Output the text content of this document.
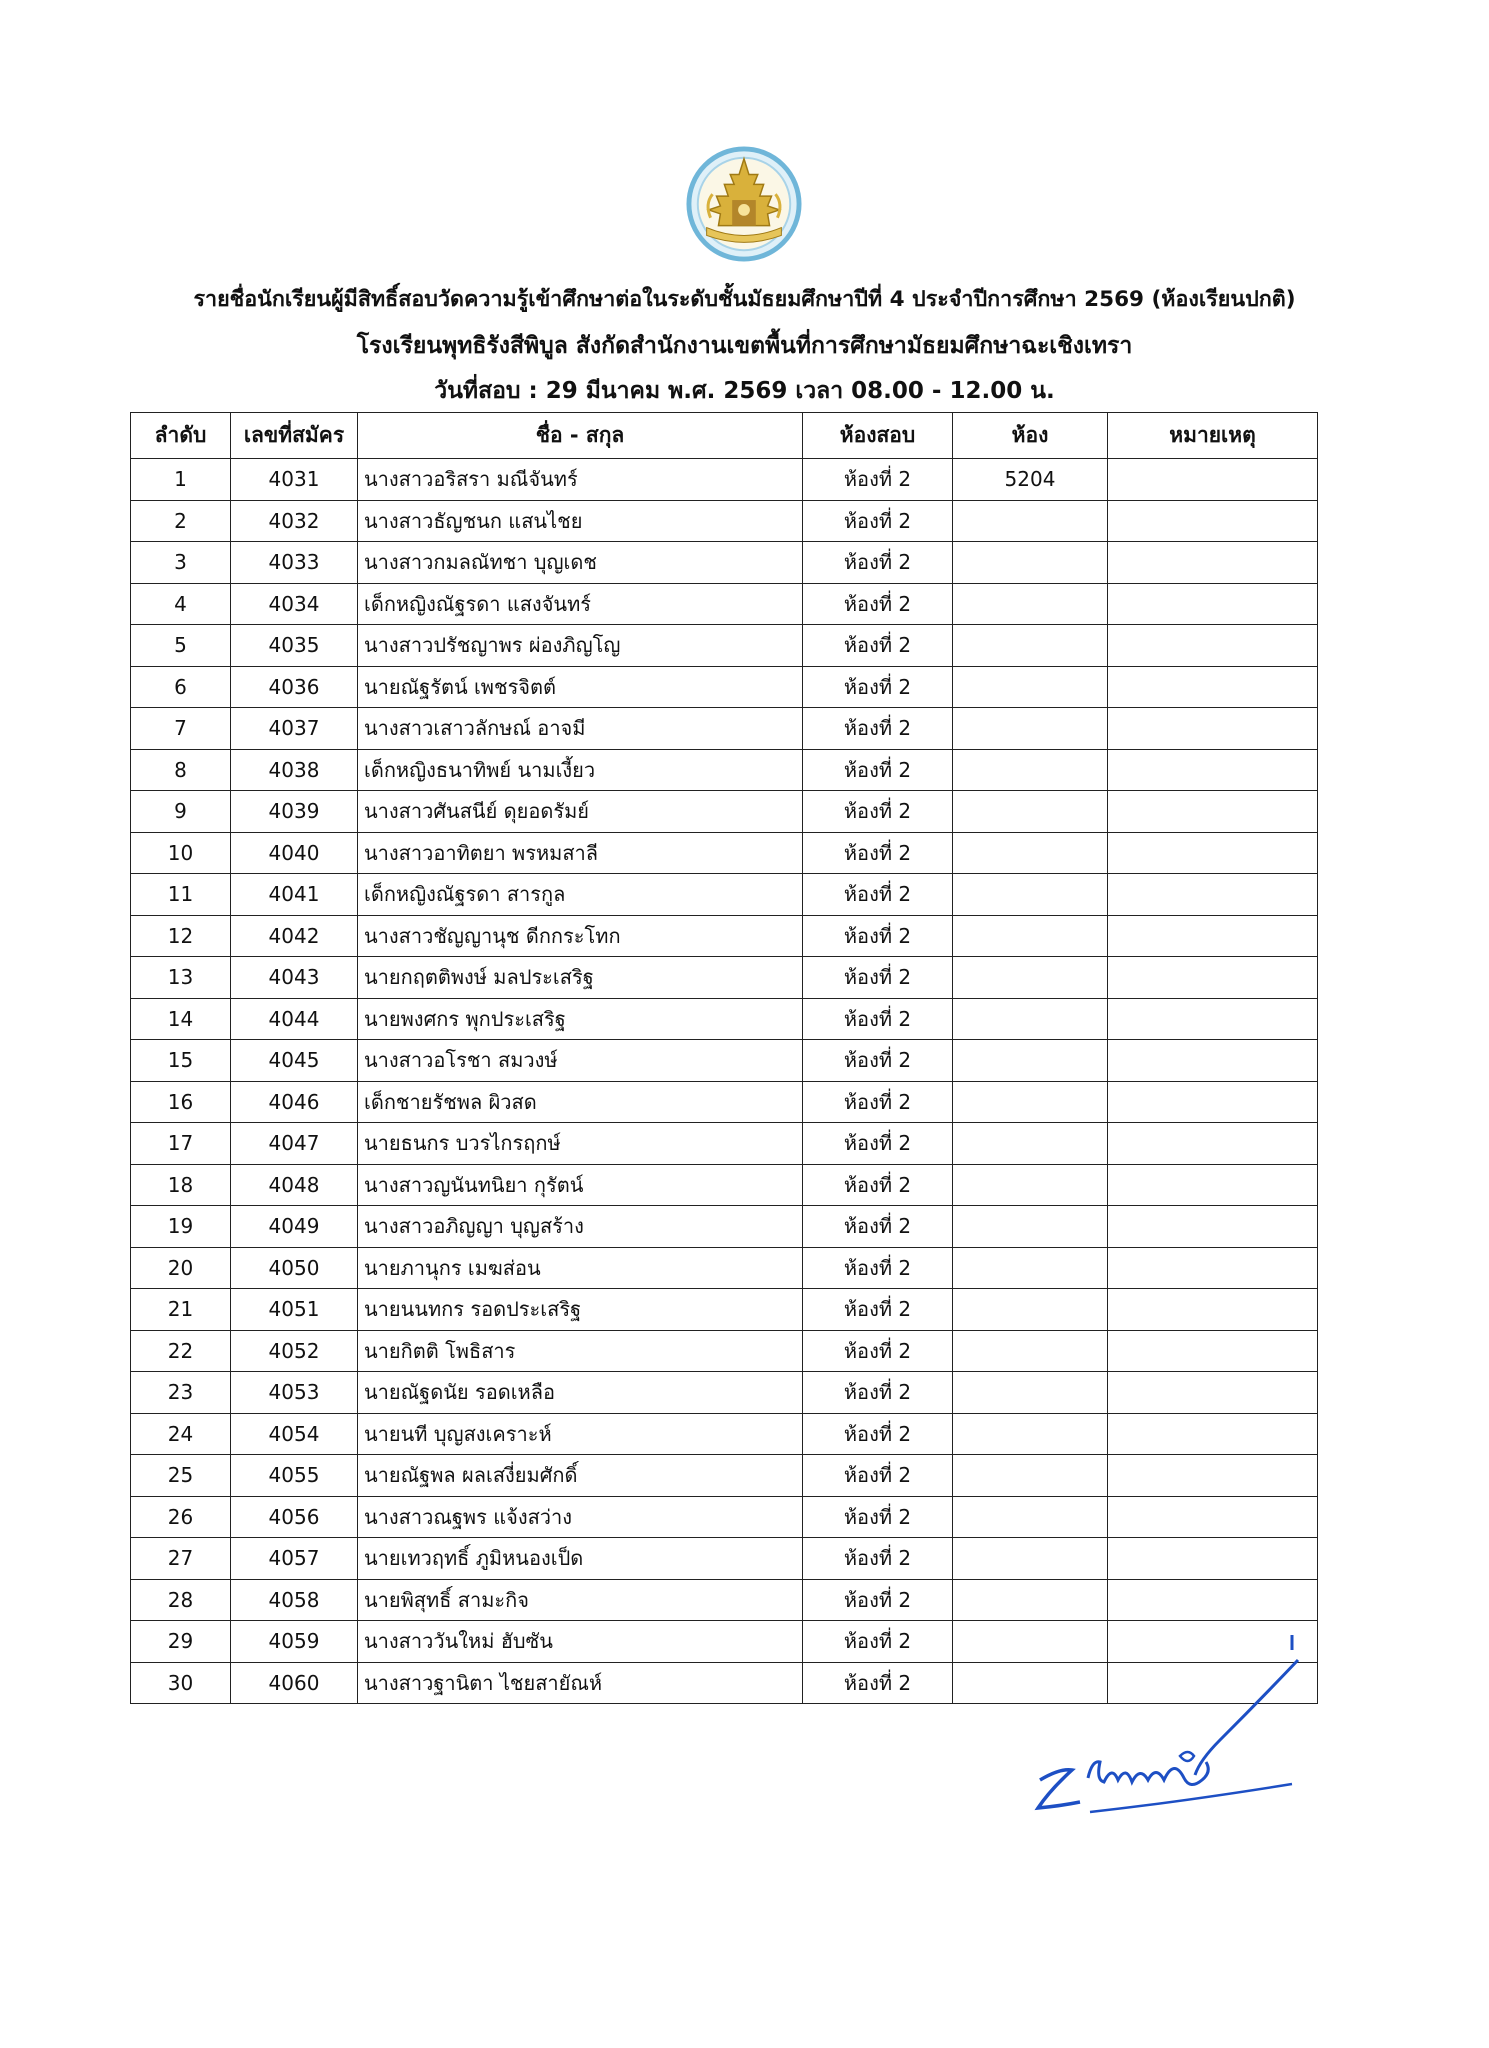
รายชื่อนักเรียนผู้มีสิทธิ์สอบวัดความรู้เข้าศึกษาต่อในระดับชั้นมัธยมศึกษาปีที่ 4 ประจำปีการศึกษา 2569 (ห้องเรียนปกติ)
โรงเรียนพุทธิรังสีพิบูล สังกัดสำนักงานเขตพื้นที่การศึกษามัธยมศึกษาฉะเชิงเทรา
วันที่สอบ : 29 มีนาคม พ.ศ. 2569 เวลา 08.00 - 12.00 น.
ลำดับ	เลขที่สมัคร	ชื่อ - สกุล	ห้องสอบ	ห้อง	หมายเหตุ
1	4031	นางสาวอริสรา มณีจันทร์	ห้องที่ 2	5204	
2	4032	นางสาวธัญชนก แสนไชย	ห้องที่ 2		
3	4033	นางสาวกมลณัทชา บุญเดช	ห้องที่ 2		
4	4034	เด็กหญิงณัฐรดา แสงจันทร์	ห้องที่ 2		
5	4035	นางสาวปรัชญาพร ผ่องภิญโญ	ห้องที่ 2		
6	4036	นายณัฐรัตน์ เพชรจิตต์	ห้องที่ 2		
7	4037	นางสาวเสาวลักษณ์ อาจมี	ห้องที่ 2		
8	4038	เด็กหญิงธนาทิพย์ นามเงี้ยว	ห้องที่ 2		
9	4039	นางสาวศันสนีย์ ดุยอดรัมย์	ห้องที่ 2		
10	4040	นางสาวอาทิตยา พรหมสาลี	ห้องที่ 2		
11	4041	เด็กหญิงณัฐรดา สารกูล	ห้องที่ 2		
12	4042	นางสาวชัญญานุช ดีกกระโทก	ห้องที่ 2		
13	4043	นายกฤตติพงษ์ มลประเสริฐ	ห้องที่ 2		
14	4044	นายพงศกร พุกประเสริฐ	ห้องที่ 2		
15	4045	นางสาวอโรชา สมวงษ์	ห้องที่ 2		
16	4046	เด็กชายรัชพล ผิวสด	ห้องที่ 2		
17	4047	นายธนกร บวรไกรฤกษ์	ห้องที่ 2		
18	4048	นางสาวญนันทนิยา กุรัตน์	ห้องที่ 2		
19	4049	นางสาวอภิญญา บุญสร้าง	ห้องที่ 2		
20	4050	นายภานุกร เมฆส่อน	ห้องที่ 2		
21	4051	นายนนทกร รอดประเสริฐ	ห้องที่ 2		
22	4052	นายกิตติ โพธิสาร	ห้องที่ 2		
23	4053	นายณัฐดนัย รอดเหลือ	ห้องที่ 2		
24	4054	นายนที บุญสงเคราะห์	ห้องที่ 2		
25	4055	นายณัฐพล ผลเสงี่ยมศักดิ์	ห้องที่ 2		
26	4056	นางสาวณฐพร แจ้งสว่าง	ห้องที่ 2		
27	4057	นายเทวฤทธิ์ ภูมิหนองเป็ด	ห้องที่ 2		
28	4058	นายพิสุทธิ์ สามะกิจ	ห้องที่ 2		
29	4059	นางสาววันใหม่ ฮับซัน	ห้องที่ 2		
30	4060	นางสาวฐานิตา ไชยสายัณห์	ห้องที่ 2		
